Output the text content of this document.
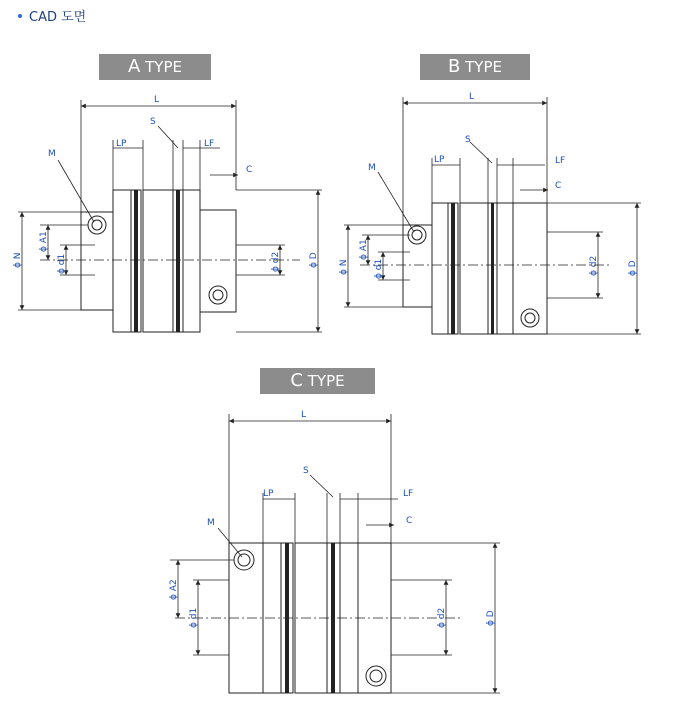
CAD 도면
A TYPE	B TYPE
C TYPE
L
LP	LF
S
C
M
ϕ N
ϕ A1
ϕ d1	ϕ d2	ϕ D
L
LP	LF
S
C
M
ϕ N
ϕ A1
ϕ d1	ϕ d2	ϕ D
L
LP	LF
S
C
M
ϕ A2
ϕ d1	ϕ d2	ϕ D
